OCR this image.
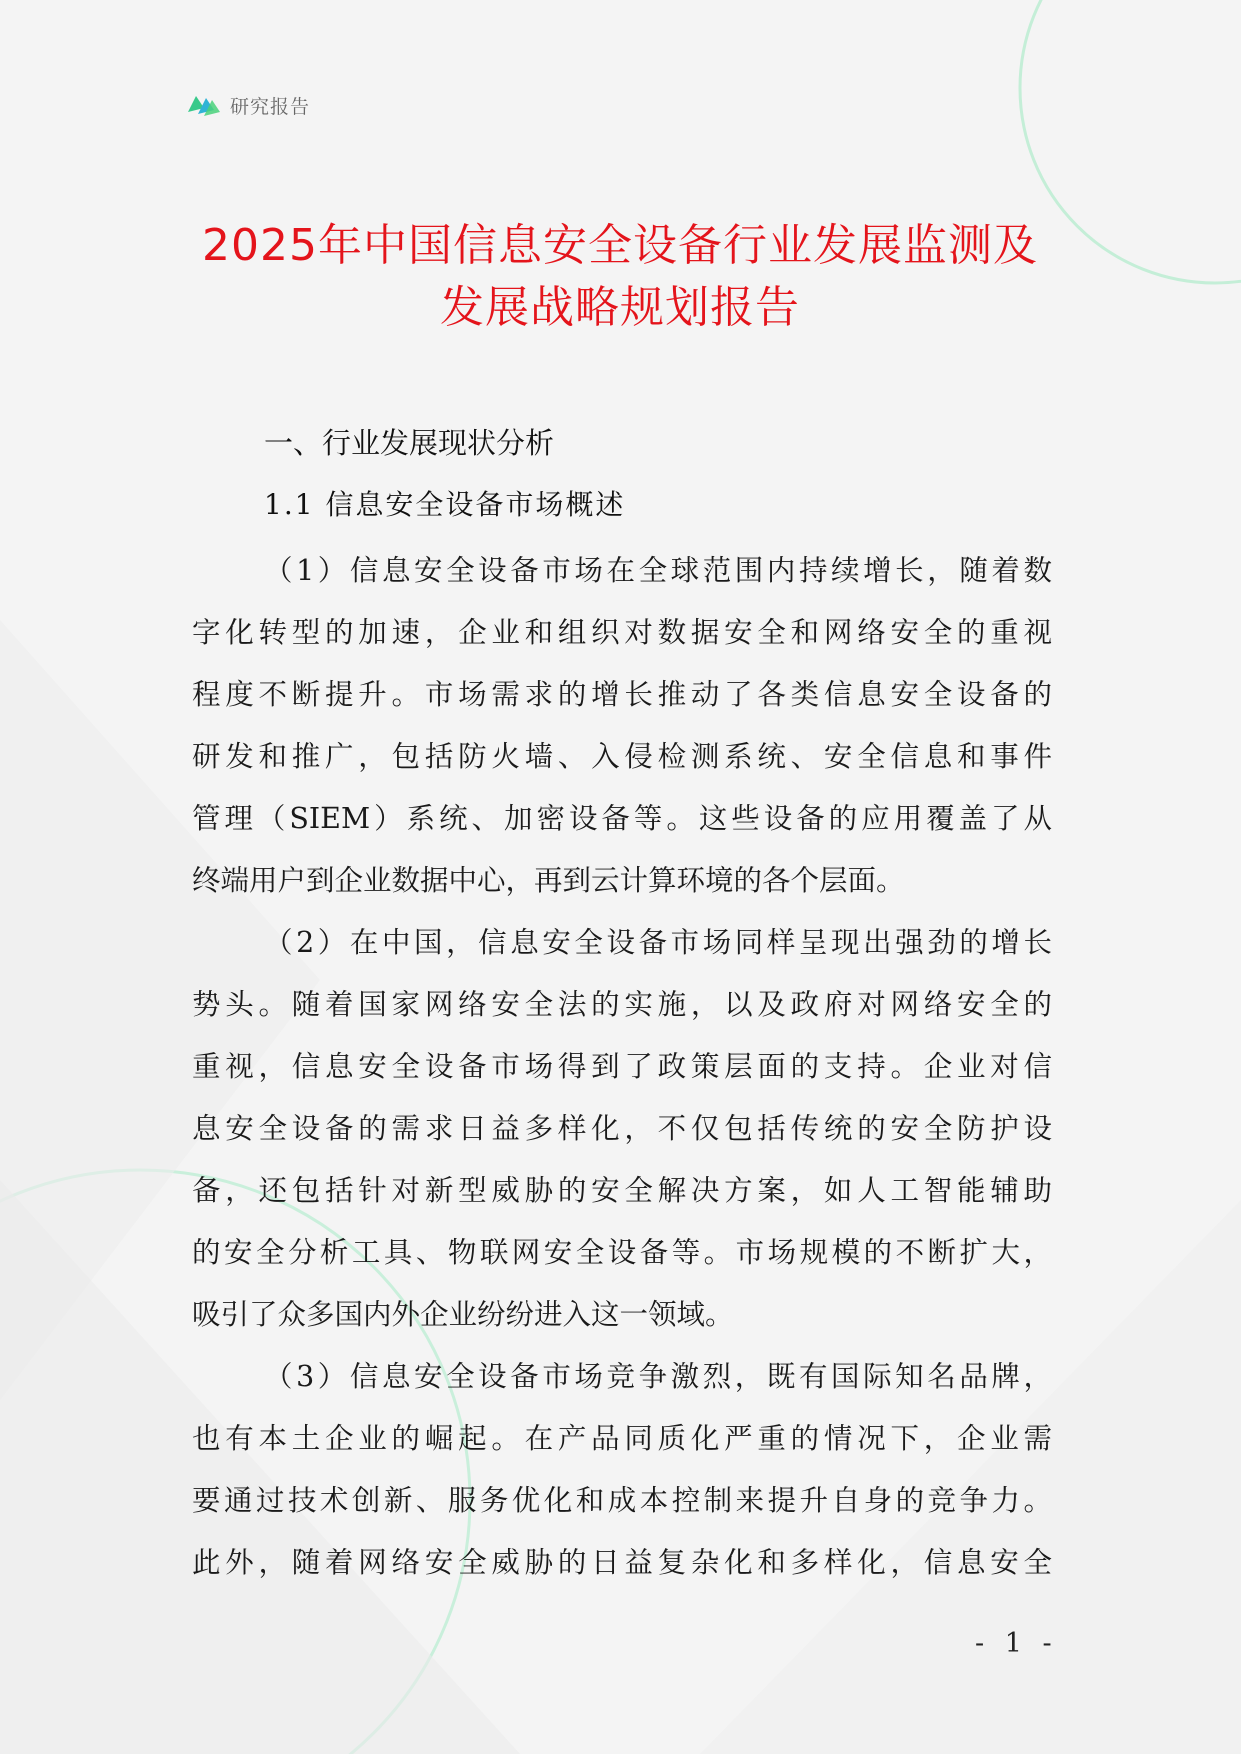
研究报告
2025年中国信息安全设备行业发展监测及
发展战略规划报告
一、行业发展现状分析
1.1 信息安全设备市场概述
（1）信息安全设备市场在全球范围内持续增长，随着数
字化转型的加速，企业和组织对数据安全和网络安全的重视
程度不断提升。市场需求的增长推动了各类信息安全设备的
研发和推广，包括防火墙、入侵检测系统、安全信息和事件
管理（SIEM）系统、加密设备等。这些设备的应用覆盖了从
终端用户到企业数据中心，再到云计算环境的各个层面。
（2）在中国，信息安全设备市场同样呈现出强劲的增长
势头。随着国家网络安全法的实施，以及政府对网络安全的
重视，信息安全设备市场得到了政策层面的支持。企业对信
息安全设备的需求日益多样化，不仅包括传统的安全防护设
备，还包括针对新型威胁的安全解决方案，如人工智能辅助
的安全分析工具、物联网安全设备等。市场规模的不断扩大，
吸引了众多国内外企业纷纷进入这一领域。
（3）信息安全设备市场竞争激烈，既有国际知名品牌，
也有本土企业的崛起。在产品同质化严重的情况下，企业需
要通过技术创新、服务优化和成本控制来提升自身的竞争力。
此外，随着网络安全威胁的日益复杂化和多样化，信息安全
- 1 -
